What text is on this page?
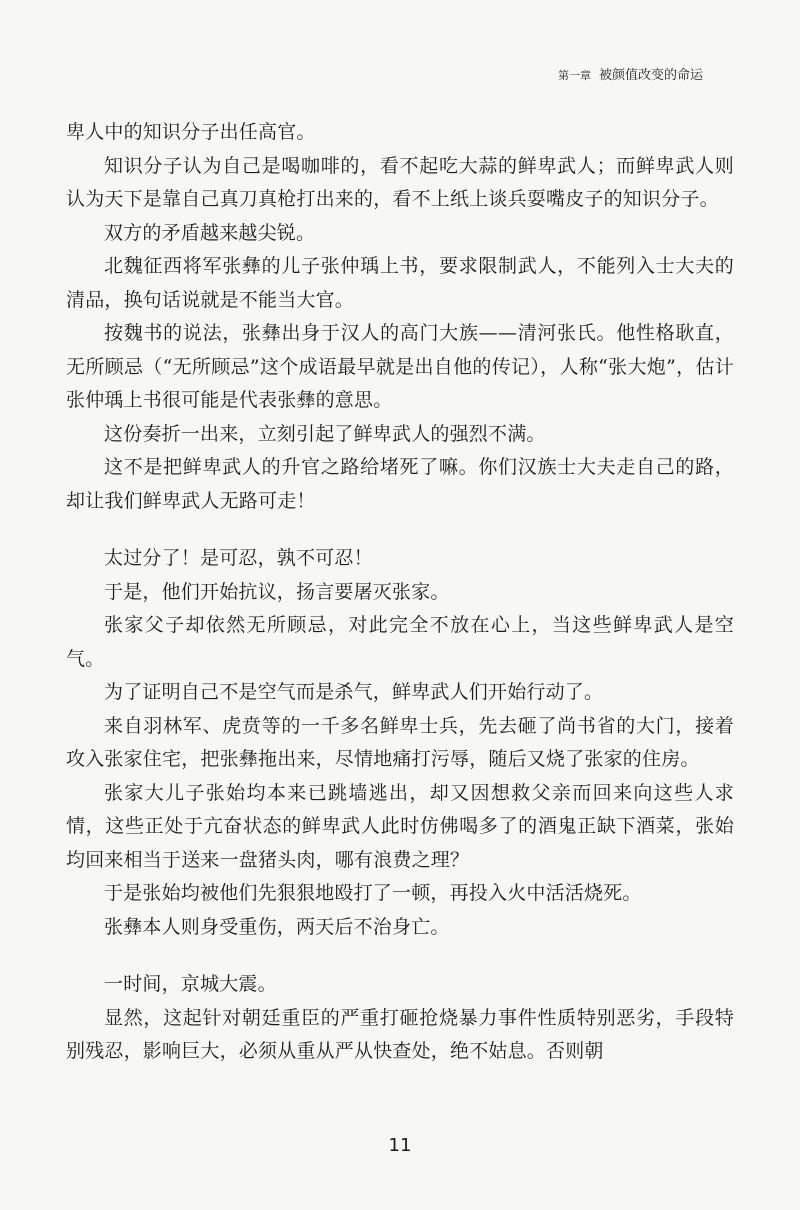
第一章 被颜值改变的命运

卑人中的知识分子出任高官。

知识分子认为自己是喝咖啡的，看不起吃大蒜的鲜卑武人；而鲜卑武人则认为天下是靠自己真刀真枪打出来的，看不上纸上谈兵耍嘴皮子的知识分子。

双方的矛盾越来越尖锐。

北魏征西将军张彝的儿子张仲瑀上书，要求限制武人，不能列入士大夫的清品，换句话说就是不能当大官。

按魏书的说法，张彝出身于汉人的高门大族——清河张氏。他性格耿直，无所顾忌（“无所顾忌”这个成语最早就是出自他的传记），人称“张大炮”，估计张仲瑀上书很可能是代表张彝的意思。

这份奏折一出来，立刻引起了鲜卑武人的强烈不满。

这不是把鲜卑武人的升官之路给堵死了嘛。你们汉族士大夫走自己的路，却让我们鲜卑武人无路可走！

太过分了！是可忍，孰不可忍！

于是，他们开始抗议，扬言要屠灭张家。

张家父子却依然无所顾忌，对此完全不放在心上，当这些鲜卑武人是空气。

为了证明自己不是空气而是杀气，鲜卑武人们开始行动了。

来自羽林军、虎贲等的一千多名鲜卑士兵，先去砸了尚书省的大门，接着攻入张家住宅，把张彝拖出来，尽情地痛打污辱，随后又烧了张家的住房。

张家大儿子张始均本来已跳墙逃出，却又因想救父亲而回来向这些人求情，这些正处于亢奋状态的鲜卑武人此时仿佛喝多了的酒鬼正缺下酒菜，张始均回来相当于送来一盘猪头肉，哪有浪费之理？

于是张始均被他们先狠狠地殴打了一顿，再投入火中活活烧死。

张彝本人则身受重伤，两天后不治身亡。

一时间，京城大震。

显然，这起针对朝廷重臣的严重打砸抢烧暴力事件性质特别恶劣，手段特别残忍，影响巨大，必须从重从严从快查处，绝不姑息。否则朝

11
